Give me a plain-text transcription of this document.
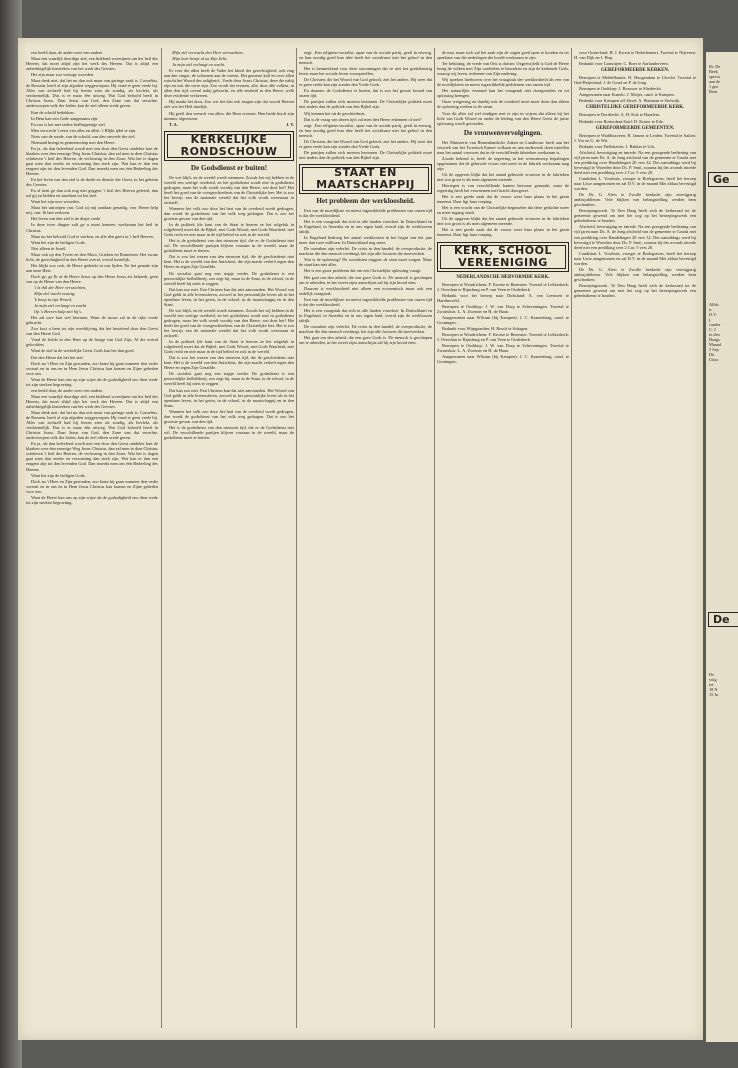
een beeld daar, de ander weer een andere.

Maar een waarlijk doordige ziel, een bidrlend woestijnen om het heil des Heeren, dat moet altijd zijn het werk des Heeren. Dat is altijd een onbedriegelijk kenteeken van het werk des Geestes.

Het zijn maar zoo weinige woorden.

Maar denk niet, dat het nu dan ook maar van geringe zaak is. Cornelius, de Romein, heeft al zijn afgoden weggeworpen. Hij vond er geen vrede bij. Alles van zichzelf had hij leeren zien als zondig, als bevlekt, als verdoemelijk. Dus is er maar één uitweg. Wat God beloofd heeft in Christus Jezus. Daar Jezus van God, den Zone van dat verachte, onderworpen volk der Joden, kan de ziel alleen vrede geven.

Kan de schuld bedekken.

In Hem kan een Gode aangenaam zijn.

En zoo is het met iedere heilbegeerige ziel.

Men verwacht 't eerst van alles en allen. 't Blijkt ijdel te zijn.

Niets van de ronde, van de schuld, van den onvrede der ziel.

Niemand brengt in gemeenschap met den Heere.

En ja, als dan beleefend wordt met een door den Geest ontdekte hart de klaaken over den eeuwige Weg Jezus Christus, dan zal men in dien Christus schitteren 't heil des Heeren, de verlossing in den Zoon. Wat het is dagen gaat men dan verder en verzoening dan sterk zijn. Wat kan er dan een reagent zijn tot den levenden God. Dan smeekt men om één Bedeeling des Heeren.

En het leven van den ziel is de derde en dienste der Geest, in het geheim des Geestes.

En al kent ge dan ook nog niet geggen: 't heil des Heeren geleerd, dan zal gij en bidden en smeeken tot het heil.

Want het zijn uwe woorden.

Maar het uitroepen van: God zij mij zondaar genadig, van: Heere help mij, van: Ik ben verloren.

Het leven van den ziel is de diepe vrede.

In deze twee dingen zult ge u moet kennen: werkzaam het heil in Christus.

Maar nu het beloofd God te werken, en alle den geest in 't heil Heeren.

Want het zijn de heiligen Gods.

Niet alleen in Israël.

Maar ook op den Tyrier en den Moor, Grieken en Romeinen. Het zwaar licht, de gerechtigheid in den Heere overal, overal kostelijk.

Het blijkt zoo ook, de Heere gedenkt in ons lijden. En het genade zijn aan onze Heer.

Doch ge, ge Ik of de Heere Jezus op den Heere Jezus als behoedt, geen van op de Heere van den Heere.

't Is thil der Heer verwachten,

Mijn ziel wacht eeuwig;

'k hoop in zijn Woord,

Ja mijn ziel verlangt en wacht

Op 's Heeren hulp ziet hij's.

Het zal uwe hart wel bewaren. Want de trouw zal in de rijke vrede gebracht.

Zoo kost u hem tot zijn overblijving dat het beoefend door den Geest van den Heere God.

Vond de liefde in den Heer op de hooge van God Zijn, Al die overal geloofden,

Want de ziel in de werkelijke Geest Gods kan het dan goed.

Dat den Heere dat het het ziel.

Doch na 't Heer en Zijn gezonden, zoo komt hij gaan wanneer den vader vooruit en in ons en in Hem Jezus Christus kan komen en Zijne gebeden voor ons.

Want de Heere kan ons op zijn wijze als de godzaligheid zoo dien vrede tot zijn sterken begroeting.

een beeld daar, de ander weer een andere.

Maar een waarlijk doordige ziel, een bidrlend woestijnen om het heil des Heeren, dat moet altijd zijn het werk des Heeren. Dat is altijd een onbedriegelijk kenteeken van het werk des Geestes.

Maar denk niet, dat het nu dan ook maar van geringe zaak is. Cornelius, de Romein, heeft al zijn afgoden weggeworpen. Hij vond er geen vrede bij. Alles van zichzelf had hij leeren zien als zondig, als bevlekt, als verdoemelijk. Dus is er maar één uitweg. Wat God beloofd heeft in Christus Jezus. Daar Jezus van God, den Zone van dat verachte, onderworpen volk der Joden, kan de ziel alleen vrede geven.

En ja, als dan beleefend wordt met een door den Geest ontdekte hart de klaaken over den eeuwige Weg Jezus Christus, dan zal men in dien Christus schitteren 't heil des Heeren, de verlossing in den Zoon. Wat het is dagen gaat men dan verder en verzoening dan sterk zijn. Wat kan er dan een reagent zijn tot den levenden God. Dan smeekt men om één Bedeeling des Heeren.

Want het zijn de heiligen Gods.

Doch na 't Heer en Zijn gezonden, zoo komt hij gaan wanneer den vader vooruit en in ons en in Hem Jezus Christus kan komen en Zijne gebeden voor ons.

Want de Heere kan ons op zijn wijze als de godzaligheid zoo dien vrede tot zijn sterken begroeting.

Mijn ziel verwacht den Heer verwachten,

Mijn hart hoopt al na Zijn licht,

Ja mijn ziel verlangt en wacht.

Er voor die allen heeft de Vader het kleed der gerechtigheid, ook ring aan den vinger, de schoenen aan de voeten. Het gemeste kalf en over allen ruischt het Woord der zaligheid: ,Vrede door Jezus Christus, deze die nabij zijn en ook die verre zijn. Zoo wordt het ervaren, alle, door alle volken, in allen den tijd, overal nabij gebracht, en alle eenheid in den Heere, welk deze evidentie verkeeren.

Hij maakt het door, Zoo wis het dan ook mogen zijn dat woord Heeren ziet wis het Heil daarlijk.

Hij geeft den wensch van allen, die Hem vreezen. Hen beide hooft zijn nimmer afgewezen.

T. A.	J. V.

KERKELIJKE
RONDSCHOUW
De Godsdienst er buiten!

De wet blijft, en de wereld wordt stemmen. Zooals het wij hebben in de wereld een wettige overheid, en het godsdienst wordt niet in godsdienst gedragen, maar het volk wordt voorbij van den Heere, wat doet het? Het heeft het goed van de voorgeschiedenis van de Christelijke leer. Het is zoo het bewijs van de nationale wereld dat het volk wordt weerstaan in zichzelf.

Wanneer het volk zoo door het hart van de overheid wordt gedragen, dan wordt de godsdienst van het volk weg gedragen. Dat is zoo het grootste gevaar van den tijd.

In de politiek (de kant van de Staat te heeren ze het rolgeluk in rolgeleerd) moet dat de Bijbel, met Gods Woord, met Gods Waarheid, met Gods recht en niet maar in de tijd beleid en ook in de wereld.

Het is de godsdienst van den nieuwen tijd, die er de Godsdienst niet wil. De verschillende partijen blijven vooraan in de wereld, maar de godsdienst moet er buiten.

Dat is zoo het wezen van den nieuwen tijd, die de geschiedenis niet kent. Het is de wereld van den Antichrist, die zijn macht verheft tegen den Heere en tegen Zijn Gezalfde.

De socialist gaat nog een stapje verder. De godsdienst is een persoonlijke liefhebberij, zoo zegt hij, maar in de Staat, in de school, in de wereld heeft hij niets te zeggen.

Dat kan zoo niet. Een Christen kan dat niet aanvaarden. Het Woord van God geldt in alle levenssferen, zoowel in het persoonlijke leven als in het openbare leven, in het gezin, in de school, in de maatschappij en in den Staat.

De wet blijft, en de wereld wordt stemmen. Zooals het wij hebben in de wereld een wettige overheid, en het godsdienst wordt niet in godsdienst gedragen, maar het volk wordt voorbij van den Heere, wat doet het? Het heeft het goed van de voorgeschiedenis van de Christelijke leer. Het is zoo het bewijs van de nationale wereld dat het volk wordt weerstaan in zichzelf.

In de politiek (de kant van de Staat te heeren ze het rolgeluk in rolgeleerd) moet dat de Bijbel, met Gods Woord, met Gods Waarheid, met Gods recht en niet maar in de tijd beleid en ook in de wereld.

Dat is zoo het wezen van den nieuwen tijd, die de geschiedenis niet kent. Het is de wereld van den Antichrist, die zijn macht verheft tegen den Heere en tegen Zijn Gezalfde.

De socialist gaat nog een stapje verder. De godsdienst is een persoonlijke liefhebberij, zoo zegt hij, maar in de Staat, in de school, in de wereld heeft hij niets te zeggen.

Dat kan zoo niet. Een Christen kan dat niet aanvaarden. Het Woord van God geldt in alle levenssferen, zoowel in het persoonlijke leven als in het openbare leven, in het gezin, in de school, in de maatschappij en in den Staat.

Wanneer het volk zoo door het hart van de overheid wordt gedragen, dan wordt de godsdienst van het volk weg gedragen. Dat is zoo het grootste gevaar van den tijd.

Het is de godsdienst van den nieuwen tijd, die er de Godsdienst niet wil. De verschillende partijen blijven vooraan in de wereld, maar de godsdienst moet er buiten.

zegt: ,Een religieus-socialist, apart van de sociale partij, geeft in eeuwig, en hun noodig goed hun idee heeft het socialisme niet het geloof in den mensch.

Het is kenmerkend voor deze stroomingen dat ze niet het godsdienstig leven maar het sociale leven vooropstellen.

De Christen, die het Woord van God gelooft, ziet het anders. Hij weet dat er geen vrede kan zijn zonder den Vrede Gods.

En daarom: de Godsdienst er buiten, dat is zoo het groote kwaad van onzen tijd.

De partijen zullen zich moeten bezinnen. De Christelijke politiek moet niet anders dan de politiek van den Bijbel zijn.

Wij kennen het uit de geschiedenis.

Dat is de vraag van dezen tijd: zal men den Heere erkennen of niet?

zegt: ,Een religieus-socialist, apart van de sociale partij, geeft in eeuwig, en hun noodig goed hun idee heeft het socialisme niet het geloof in den mensch.

De Christen, die het Woord van God gelooft, ziet het anders. Hij weet dat er geen vrede kan zijn zonder den Vrede Gods.

De partijen zullen zich moeten bezinnen. De Christelijke politiek moet niet anders dan de politiek van den Bijbel zijn.

STAAT EN
MAATSCHAPPIJ
Het probleem der werkloosheid.

Een van de moeilijkste en meest ingewikkelde problemen van onzen tijd is dat der werkloosheid.

Het is een vraagstuk dat zich in alle landen voordoet. In Duitschland en in Engeland, in Amerika en in ons eigen land, overal zijn de werkloozen talrijk.

In Engeland bedroeg het aantal werkloozen in het begin van het jaar meer dan twee millioen. In Duitschland nog meer.

De oorzaken zijn velerlei. De crisis in den handel, de overproductie, de machine die den mensch verdringt, het zijn alle factoren die meewerken.

Wat is de oplossing? De socialisten zeggen: de staat moet zorgen. Maar de staat kan niet alles.

Het is een groot probleem dat om een Christelijke oplossing vraagt.

Het gaat om den arbeid, die een gave Gods is. De mensch is geschapen om te arbeiden, in het zweet zijns aanschijns zal hij zijn brood eten.

Daarom is werkloosheid niet alleen een economisch maar ook een zedelijk vraagstuk.

Een van de moeilijkste en meest ingewikkelde problemen van onzen tijd is dat der werkloosheid.

Het is een vraagstuk dat zich in alle landen voordoet. In Duitschland en in Engeland, in Amerika en in ons eigen land, overal zijn de werkloozen talrijk.

De oorzaken zijn velerlei. De crisis in den handel, de overproductie, de machine die den mensch verdringt, het zijn alle factoren die meewerken.

Het gaat om den arbeid, die een gave Gods is. De mensch is geschapen om te arbeiden, in het zweet zijns aanschijns zal hij zijn brood eten.

de mat, maar toch zal het zaak zijn de oogen goed open te houden en ter openbare van die nederlagen die hoofd-werkzaam te zijn.

Ter beluiting, de vrede van Ons is duister. Ongetwijfeld is God de Heere bezig de volken met Zijn oordeelen te bezoeken en zijn de kerkende Gods, waarop wij leven, teekenen van Zijn nadering.

Wij spreken hierboven over het vraagstuk der werkloosheid als een van de moeilijksten en meest ingewikkelde problemen van onzen tijd.

Het natuurlijke verstand kan het vraagstuk niet doorgronden en tot oplossing brengen.

Onze wetgeving en daarbij ook de overheid moet meer doen dan alleen de oplossing zoeken in de steun.

Voor dit alles zal wel eindigen met te zijn in wijzen dat alleen bij het licht van Gods Woord en onder de leiding van den Heere Geest de juiste oplossing wordt gevonden.

De vrouwenvervolgingen.

Het Ministerie van Binnenlandsche Zaken en Landbouw heeft aan het verzoek van het Twentsch Kamer volkaan en aan onderzoek doen instellen naar het aantal vrouwen dat in de verschillende fabrieken werkzaam is.

Zooals bekend is, heeft de regeering in het wetsontwerp bepalingen opgenomen dat de gehuwde vrouw niet meer in de fabriek werkzaam mag zijn.

Uit de opgaven blijkt dat het aantal gehuwde vrouwen in de fabrieken niet zoo groot is als men algemeen meende.

Hiertegen is van verschillende kanten bezwaar gemaakt, maar de regeering heeft het voornemen met kracht doorgezet.

Het is een goede zaak dat de vrouw weer haar plaats in het gezin inneemt. Daar ligt haar roeping.

Het is een vrucht van de Christelijke beginselen dat deze gedachte meer en meer ingang vindt.

Uit de opgaven blijkt dat het aantal gehuwde vrouwen in de fabrieken niet zoo groot is als men algemeen meende.

Het is een goede zaak dat de vrouw weer haar plaats in het gezin inneemt. Daar ligt haar roeping.

KERK, SCHOOL
VEREENIGING
NEDERLANDSCHE HERVORMDE KERK.

Beroepen te Woudrichem: F. Kroese te Beemster. Tweetal te Lekkerkerk: J. Overduin te Rijnsburg en P. van Veen te Ouderkerk.

Bedankt voor het beroep naar Dirksland: A. van Leeuwen te Hardinxveld.

Beroepen te Ouddorp: J. W. van Dorp te Scheveningen. Tweetal te Zwartsluis: L. A. Zwemer en H. de Haan.

Aangenomen naar Wilsum (bij Kampen): J. C. Kranenburg, cand. te Groningen.

Bedankt voor Wijngaarden: H. Bosch te Schagen.

Beroepen te Woudrichem: F. Kroese te Beemster. Tweetal te Lekkerkerk: J. Overduin te Rijnsburg en P. van Veen te Ouderkerk.

Beroepen te Ouddorp: J. W. van Dorp te Scheveningen. Tweetal te Zwartsluis: L. A. Zwemer en H. de Haan.

Aangenomen naar Wilsum (bij Kampen): J. C. Kranenburg, cand. te Groningen.

voor Oosterland: H. J. Kroon te Nederhemert. Tweetal te Nijeveen: H. van Dijk en J. Hop.

Bedankt voor Gansoijen: C. Boer te Aarlanderveen.

GEREFORMEERDE KERKEN.

Beroepen te Middelharnis: H. Hoogendam te Utrecht. Tweetal te Oud-Beijerland: J. de Graaf en P. de Jong.

Beroepen te Ouddorp: J. Brouwer te Sliedrecht.

Aangenomen naar Ermelo: J. Meijer, cand. te Kampen.

Bedankt voor Krimpen a/d IJssel: A. Huisman te Stolwijk.

CHRISTELIJKE GEREFORMEERDE KERK.

Beroepen te Dordrecht: A. H. Kok te Haarlem.

Bedankt voor Rotterdam-Zuid: D. Koster te Ede.

GEREFORMEERDE GEMEENTEN.

Beroepen te Waddinxveen: H. Jansen te Leiden. Tweetal te Aalten: J. Vos en G. de Wit.

Bedankt voor Delfshaven: J. Bakker te Urk.

Afscheid, bevestiging en intrede. Na een gezegende bediening van vijf jaren nam Ds. A. de Jong afscheid van de gemeente te Gouda met een prediking over Handelingen 20 vers 32. Des namiddags werd hij bevestigd te Woerden door Ds. P. Smit, waarna hij des avonds intrede deed met een prediking over 2 Cor. 5 vers 20.

Candidaat L. Voorhuis, vroeger te Bodegraven, heeft het beroep naar Lisse aangenomen en zal D.V. in de maand Mei aldaar bevestigd worden.

De Ds. G. Alers te Zwolle herdacht zijn veertigjarig ambtsjubileum. Vele blijken van belangstelling werden hem geschonken.

Beroepingswerk. Te Den Haag heeft zich de kerkeraad tot de gemeente gewend om met het oog op het beroepingswerk een gebedsdienst te houden.

Afscheid, bevestiging en intrede. Na een gezegende bediening van vijf jaren nam Ds. A. de Jong afscheid van de gemeente te Gouda met een prediking over Handelingen 20 vers 32. Des namiddags werd hij bevestigd te Woerden door Ds. P. Smit, waarna hij des avonds intrede deed met een prediking over 2 Cor. 5 vers 20.

Candidaat L. Voorhuis, vroeger te Bodegraven, heeft het beroep naar Lisse aangenomen en zal D.V. in de maand Mei aldaar bevestigd worden.

De Ds. G. Alers te Zwolle herdacht zijn veertigjarig ambtsjubileum. Vele blijken van belangstelling werden hem geschonken.

Beroepingswerk. Te Den Haag heeft zich de kerkeraad tot de gemeente gewend om met het oog op het beroepingswerk een gebedsdienst te houden.

Br. De
Beek
specia
aan de
1 gez
Bern
Ge
Alfsb
tr.
D.V.
j.
cander
C. J
in den
Haags
Maand
5 Sep
Dit
Uitzo
De
De
volg
tot
18 N
15 Ju
